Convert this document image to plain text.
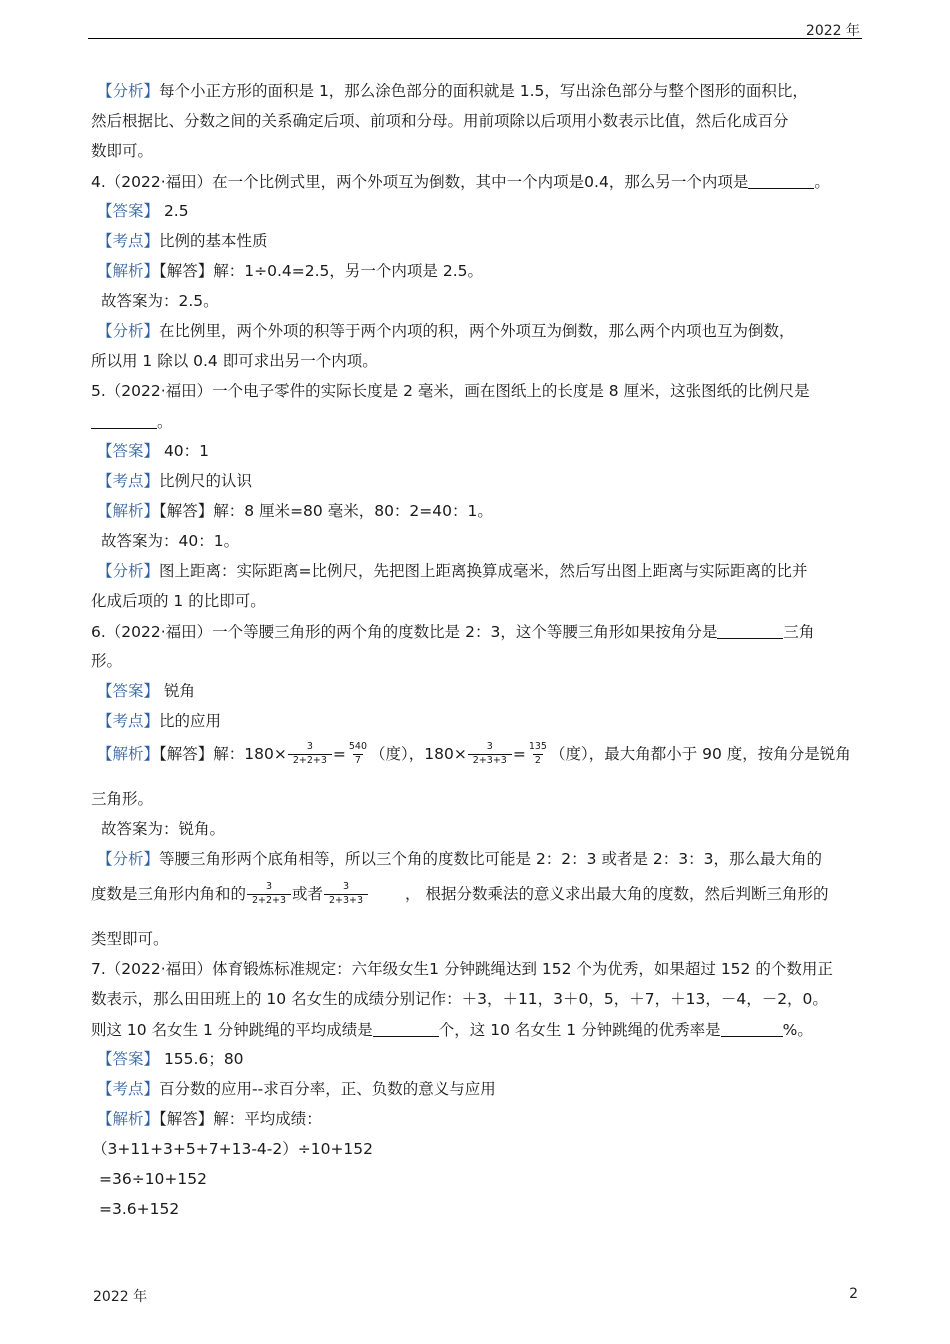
2022 年
【分析】每个小正方形的面积是 1，那么涂色部分的面积就是 1.5，写出涂色部分与整个图形的面积比，
然后根据比、分数之间的关系确定后项、前项和分母。用前项除以后项用小数表示比值，然后化成百分
数即可。
4.（2022·福田）在一个比例式里，两个外项互为倒数，其中一个内项是0.4，那么另一个内项是	。
【答案】 2.5
【考点】比例的基本性质
【解析】【解答】解：1÷0.4=2.5，另一个内项是 2.5。
故答案为：2.5。
【分析】在比例里，两个外项的积等于两个内项的积，两个外项互为倒数，那么两个内项也互为倒数，
所以用 1 除以 0.4 即可求出另一个内项。
5.（2022·福田）一个电子零件的实际长度是 2 毫米，画在图纸上的长度是 8 厘米，这张图纸的比例尺是
。
【答案】 40：1
【考点】比例尺的认识
【解析】【解答】解：8 厘米=80 毫米，80：2=40：1。
故答案为：40：1。
【分析】图上距离：实际距离=比例尺，先把图上距离换算成毫米，然后写出图上距离与实际距离的比并
化成后项的 1 的比即可。
6.（2022·福田）一个等腰三角形的两个角的度数比是 2：3，这个等腰三角形如果按角分是	三角
形。
【答案】 锐角
【考点】比的应用
【解析】【解答】解：$180\times \frac{3}{2+2+3} = \frac{540}{7}$ （度），$180\times \frac{3}{2+3+3} = \frac{135}{2}$ （度），最大角都小于 90 度，按角分是锐角
三角形。
故答案为：锐角。
【分析】等腰三角形两个底角相等，所以三个角的度数比可能是 2：2：3 或者是 2：3：3，那么最大角的
度数是三角形内角和的 $\frac{3}{2+2+3}$ 或者 $\frac{3}{2+3+3}$ ， 根据分数乘法的意义求出最大角的度数，然后判断三角形的
类型即可。
7.（2022·福田）体育锻炼标准规定：六年级女生1 分钟跳绳达到 152 个为优秀，如果超过 152 的个数用正
数表示，那么田田班上的 10 名女生的成绩分别记作：＋3，＋11，3＋0，5，＋7，＋13，－4，－2，0。
则这 10 名女生 1 分钟跳绳的平均成绩是	个，这 10 名女生 1 分钟跳绳的优秀率是	%。
【答案】 155.6；80
【考点】百分数的应用--求百分率，正、负数的意义与应用
【解析】【解答】解：平均成绩：
（3+11+3+5+7+13-4-2）÷10+152
=36÷10+152
=3.6+152
2022 年	2
